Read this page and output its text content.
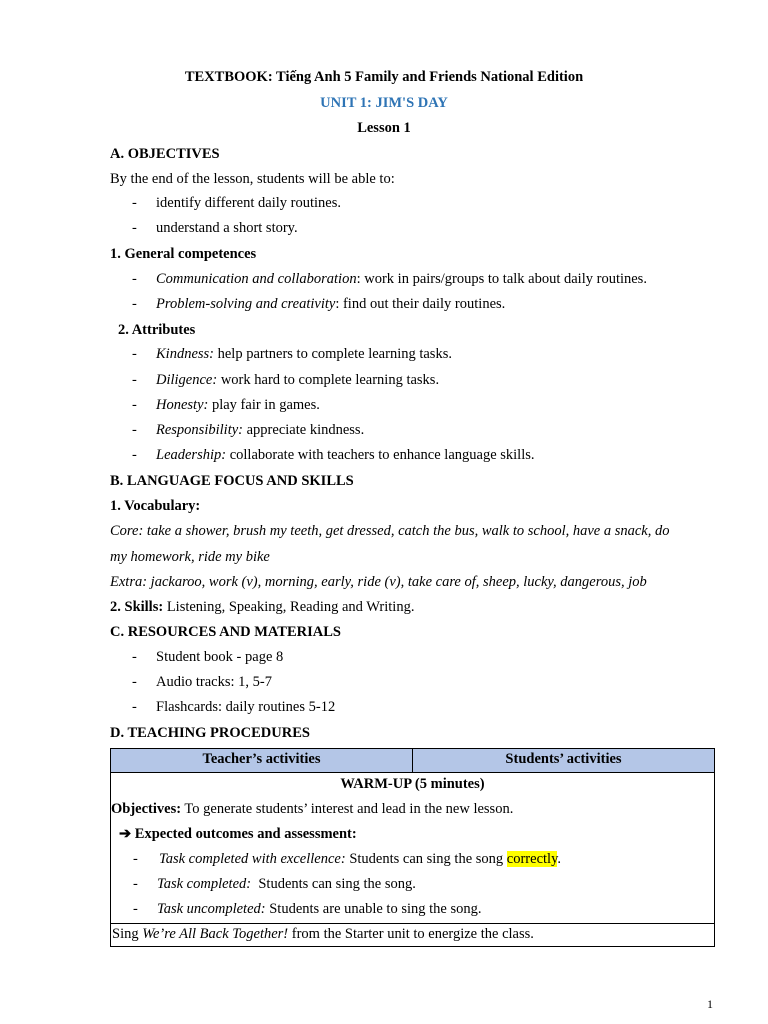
TEXTBOOK: Tiếng Anh 5 Family and Friends National Edition
UNIT 1: JIM'S DAY
Lesson 1
A. OBJECTIVES
By the end of the lesson, students will be able to:
- identify different daily routines.
- understand a short story.
1. General competences
- Communication and collaboration: work in pairs/groups to talk about daily routines.
- Problem-solving and creativity: find out their daily routines.
2. Attributes
- Kindness: help partners to complete learning tasks.
- Diligence: work hard to complete learning tasks.
- Honesty: play fair in games.
- Responsibility: appreciate kindness.
- Leadership: collaborate with teachers to enhance language skills.
B. LANGUAGE FOCUS AND SKILLS
1. Vocabulary:
Core: take a shower, brush my teeth, get dressed, catch the bus, walk to school, have a snack, do
my homework, ride my bike
Extra: jackaroo, work (v), morning, early, ride (v), take care of, sheep, lucky, dangerous, job
2. Skills: Listening, Speaking, Reading and Writing.
C. RESOURCES AND MATERIALS
- Student book - page 8
- Audio tracks: 1, 5-7
- Flashcards: daily routines 5-12
D. TEACHING PROCEDURES
Teacher’s activities	Students’ activities

WARM-UP (5 minutes)
Objectives: To generate students’ interest and lead in the new lesson.
➔ Expected outcomes and assessment:
- Task completed with excellence: Students can sing the song correctly.
- Task completed:  Students can sing the song.
- Task uncompleted: Students are unable to sing the song.

Sing We’re All Back Together! from the Starter unit to energize the class.
1
